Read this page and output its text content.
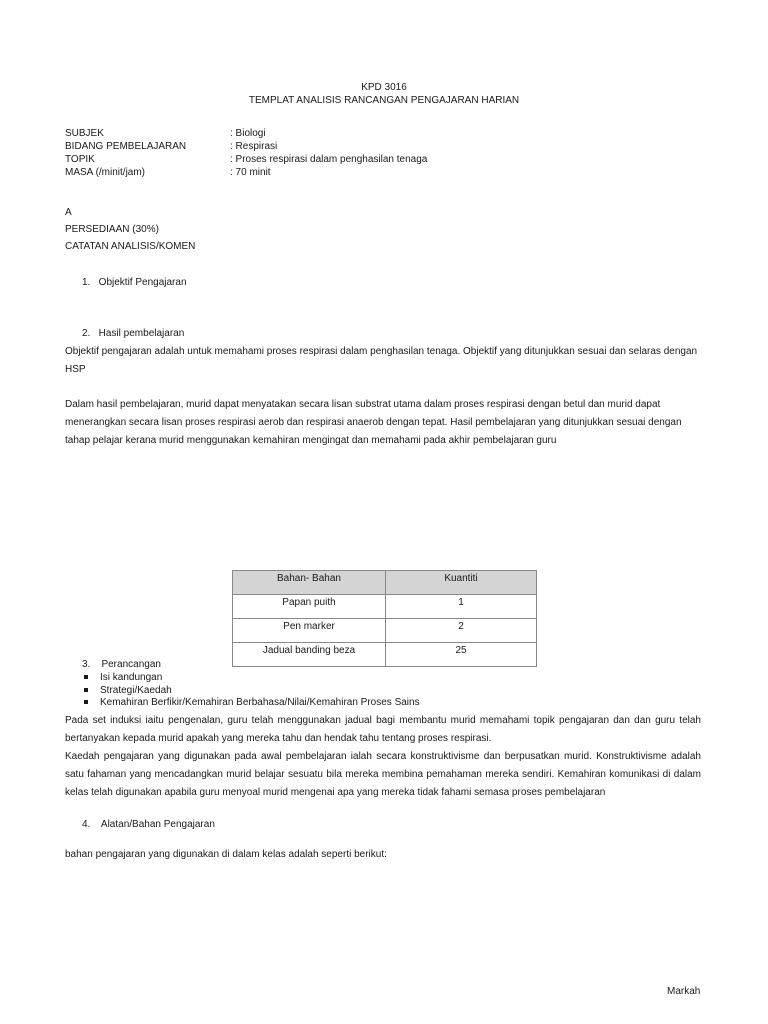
KPD 3016
TEMPLAT ANALISIS RANCANGAN PENGAJARAN HARIAN
SUBJEK	: Biologi
BIDANG PEMBELAJARAN	: Respirasi
TOPIK	: Proses respirasi dalam penghasilan tenaga
MASA (/minit/jam)	: 70 minit
A
PERSEDIAAN (30%)
CATATAN ANALISIS/KOMEN
1.   Objektif Pengajaran
2.   Hasil pembelajaran
Objektif pengajaran adalah untuk memahami proses respirasi dalam penghasilan tenaga. Objektif yang ditunjukkan sesuai dan selaras dengan HSP
Dalam hasil pembelajaran, murid dapat menyatakan secara lisan substrat utama dalam proses respirasi dengan betul dan murid dapat menerangkan secara lisan proses respirasi aerob dan respirasi anaerob dengan tepat. Hasil pembelajaran yang ditunjukkan sesuai dengan tahap pelajar kerana murid menggunakan kemahiran mengingat dan memahami pada akhir pembelajaran guru
Bahan- Bahan	Kuantiti
Papan puith	1
Pen marker	2
Jadual banding beza	25
3.    Perancangan
Isi kandungan
Strategi/Kaedah
Kemahiran Berfikir/Kemahiran Berbahasa/Nilai/Kemahiran Proses Sains
Pada set induksi iaitu pengenalan, guru telah menggunakan jadual bagi membantu murid memahami topik pengajaran dan dan guru telah bertanyakan kepada murid apakah yang mereka tahu dan hendak tahu tentang proses respirasi.
Kaedah pengajaran yang digunakan pada awal pembelajaran ialah secara konstruktivisme dan berpusatkan murid. Konstruktivisme adalah satu fahaman yang mencadangkan murid belajar sesuatu bila mereka membina pemahaman mereka sendiri. Kemahiran komunikasi di dalam kelas telah digunakan apabila guru menyoal murid mengenai apa yang mereka tidak fahami semasa proses pembelajaran
4.    Alatan/Bahan Pengajaran
bahan pengajaran yang digunakan di dalam kelas adalah seperti berikut:
Markah
